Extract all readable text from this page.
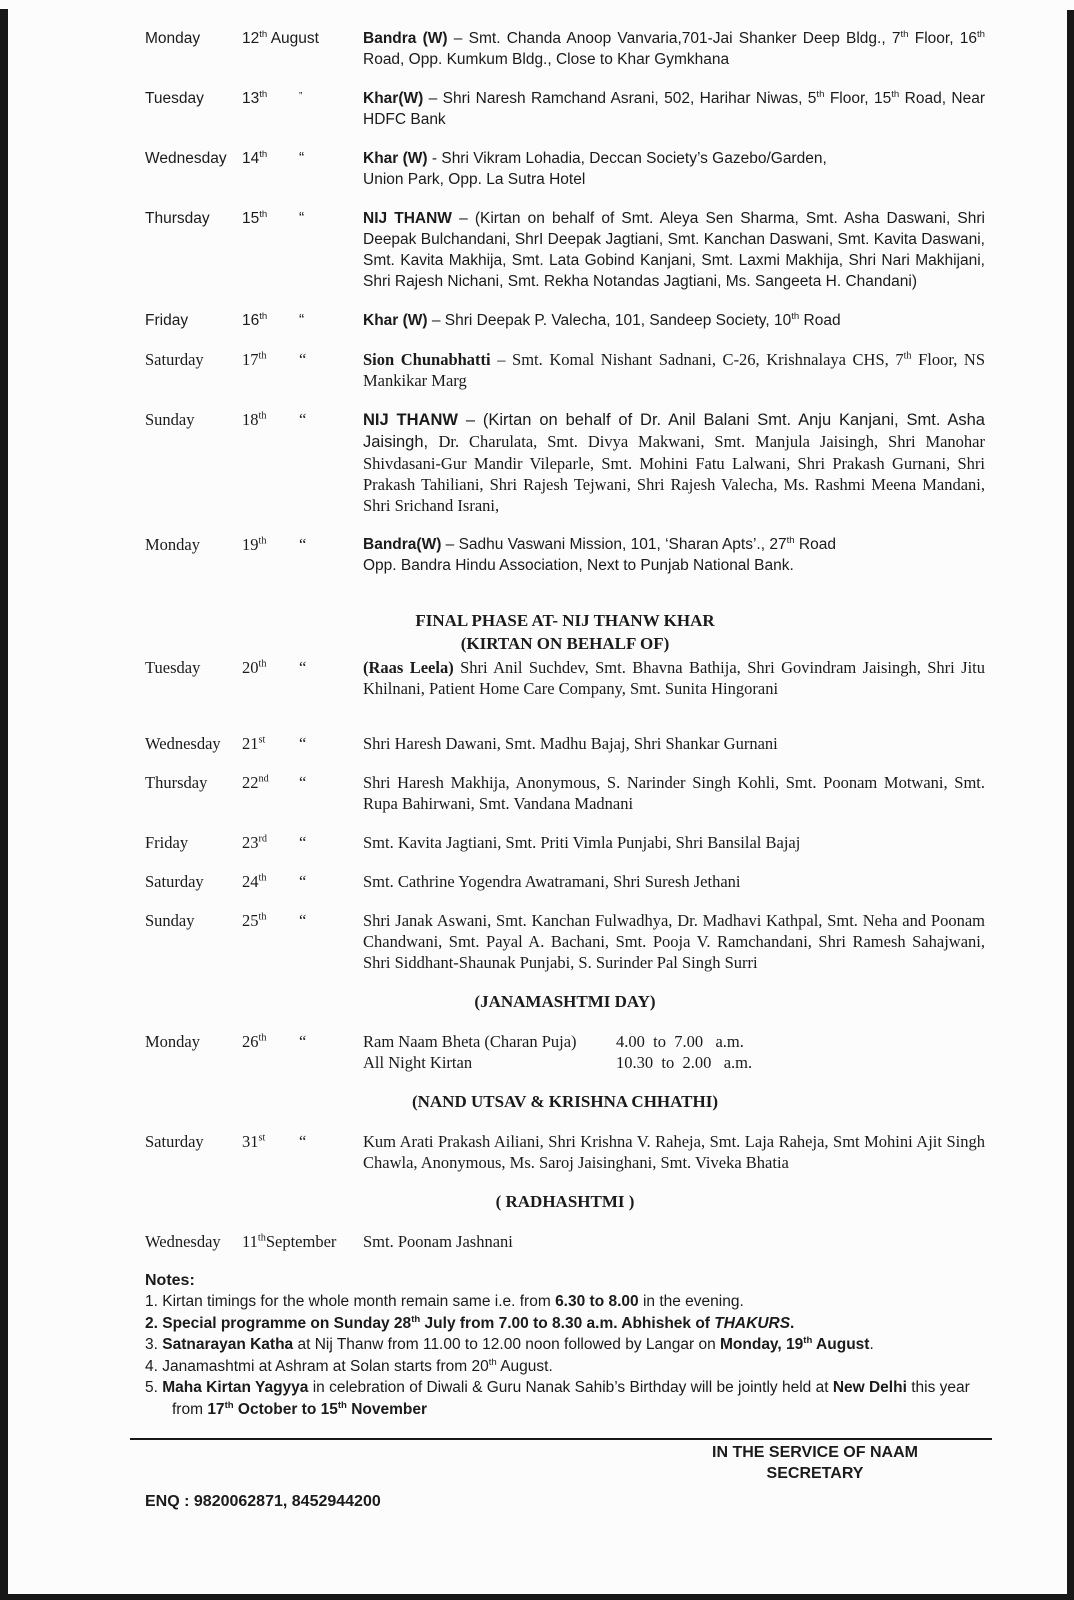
Monday	12th August	Bandra (W) – Smt. Chanda Anoop Vanvaria,701-Jai Shanker Deep Bldg., 7th Floor, 16th Road, Opp. Kumkum Bldg., Close to Khar Gymkhana
Tuesday	13th	”	Khar(W) – Shri Naresh Ramchand Asrani, 502, Harihar Niwas, 5th Floor, 15th Road, Near HDFC Bank
Wednesday 14th	“	Khar (W) - Shri Vikram Lohadia, Deccan Society’s Gazebo/Garden,
Union Park, Opp. La Sutra Hotel
Thursday	15th	“	NIJ THANW – (Kirtan on behalf of Smt. Aleya Sen Sharma, Smt. Asha Daswani, Shri Deepak Bulchandani, ShrI Deepak Jagtiani, Smt. Kanchan Daswani, Smt. Kavita Daswani, Smt. Kavita Makhija, Smt. Lata Gobind Kanjani, Smt. Laxmi Makhija, Shri Nari Makhijani, Shri Rajesh Nichani, Smt. Rekha Notandas Jagtiani, Ms. Sangeeta H. Chandani)
Friday	16th	“	Khar (W) – Shri Deepak P. Valecha, 101, Sandeep Society, 10th Road
Saturday	17th	“	Sion Chunabhatti – Smt. Komal Nishant Sadnani, C-26, Krishnalaya CHS, 7th Floor, NS Mankikar Marg
Sunday	18th	“	NIJ THANW – (Kirtan on behalf of Dr. Anil Balani Smt. Anju Kanjani, Smt. Asha Jaisingh, Dr. Charulata, Smt. Divya Makwani, Smt. Manjula Jaisingh, Shri Manohar Shivdasani-Gur Mandir Vileparle, Smt. Mohini Fatu Lalwani, Shri Prakash Gurnani, Shri Prakash Tahiliani, Shri Rajesh Tejwani, Shri Rajesh Valecha, Ms. Rashmi Meena Mandani, Shri Srichand Israni,
Monday	19th	“	Bandra(W) – Sadhu Vaswani Mission, 101, ‘Sharan Apts’., 27th Road
Opp. Bandra Hindu Association, Next to Punjab National Bank.
FINAL PHASE AT- NIJ THANW KHAR
(KIRTAN ON BEHALF OF)
Tuesday	20th	“	(Raas Leela) Shri Anil Suchdev, Smt. Bhavna Bathija, Shri Govindram Jaisingh, Shri Jitu Khilnani, Patient Home Care Company, Smt. Sunita Hingorani
Wednesday	21st	“	Shri Haresh Dawani, Smt. Madhu Bajaj, Shri Shankar Gurnani
Thursday	22nd	“	Shri Haresh Makhija, Anonymous, S. Narinder Singh Kohli, Smt. Poonam Motwani, Smt. Rupa Bahirwani, Smt. Vandana Madnani
Friday	23rd	“	Smt. Kavita Jagtiani, Smt. Priti Vimla Punjabi, Shri Bansilal Bajaj
Saturday	24th	“	Smt. Cathrine Yogendra Awatramani, Shri Suresh Jethani
Sunday	25th	“	Shri Janak Aswani, Smt. Kanchan Fulwadhya, Dr. Madhavi Kathpal, Smt. Neha and Poonam Chandwani, Smt. Payal A. Bachani, Smt. Pooja V. Ramchandani, Shri Ramesh Sahajwani, Shri Siddhant-Shaunak Punjabi, S. Surinder Pal Singh Surri
(JANAMASHTMI DAY)
Monday	26th	“	Ram Naam Bheta (Charan Puja) 4.00  to  7.00   a.m.
All Night Kirtan	10.30  to  2.00   a.m.
(NAND UTSAV & KRISHNA CHHATHI)
Saturday	31st	“	Kum Arati Prakash Ailiani, Shri Krishna V. Raheja, Smt. Laja Raheja, Smt Mohini Ajit Singh Chawla, Anonymous, Ms. Saroj Jaisinghani, Smt. Viveka Bhatia
( RADHASHTMI )
Wednesday	11thSeptember Smt. Poonam Jashnani
Notes:
1. Kirtan timings for the whole month remain same i.e. from 6.30 to 8.00 in the evening.
2. Special programme on Sunday 28th July from 7.00 to 8.30 a.m. Abhishek of THAKURS.
3. Satnarayan Katha at Nij Thanw from 11.00 to 12.00 noon followed by Langar on Monday, 19th August.
4. Janamashtmi at Ashram at Solan starts from 20th August.
5. Maha Kirtan Yagyya in celebration of Diwali & Guru Nanak Sahib’s Birthday will be jointly held at New Delhi this year from 17th October to 15th November
IN THE SERVICE OF NAAM
SECRETARY
ENQ : 9820062871, 8452944200
